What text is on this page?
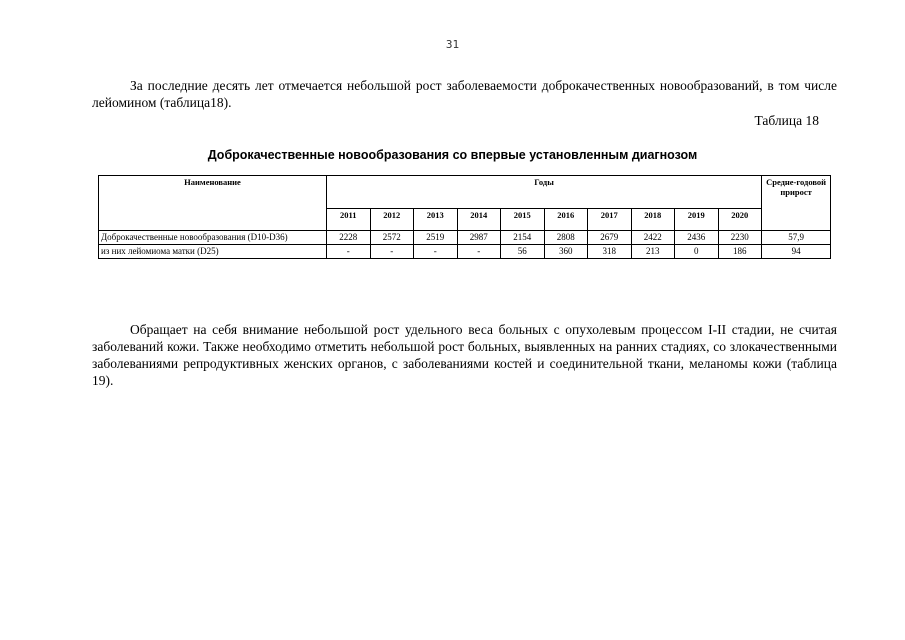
31

За последние десять лет отмечается небольшой рост заболеваемости доброкачественных новообразований, в том числе лейомином (таблица18).

Таблица 18
Доброкачественные новообразования со впервые установленным диагнозом
Наименование	Годы										Средне-годовой прирост
	2011	2012	2013	2014	2015	2016	2017	2018	2019	2020	
Доброкачественные новообразования (D10-D36)	2228	2572	2519	2987	2154	2808	2679	2422	2436	2230	57,9
из них лейомиома матки (D25)	-	-	-	-	56	360	318	213	0	186	94

Обращает на себя внимание небольшой рост удельного веса больных с опухолевым процессом I-II стадии, не считая заболеваний кожи. Также необходимо отметить небольшой рост больных, выявленных на ранних стадиях, со злокачественными заболеваниями репродуктивных женских органов, с заболеваниями костей и соединительной ткани, меланомы кожи (таблица 19).
